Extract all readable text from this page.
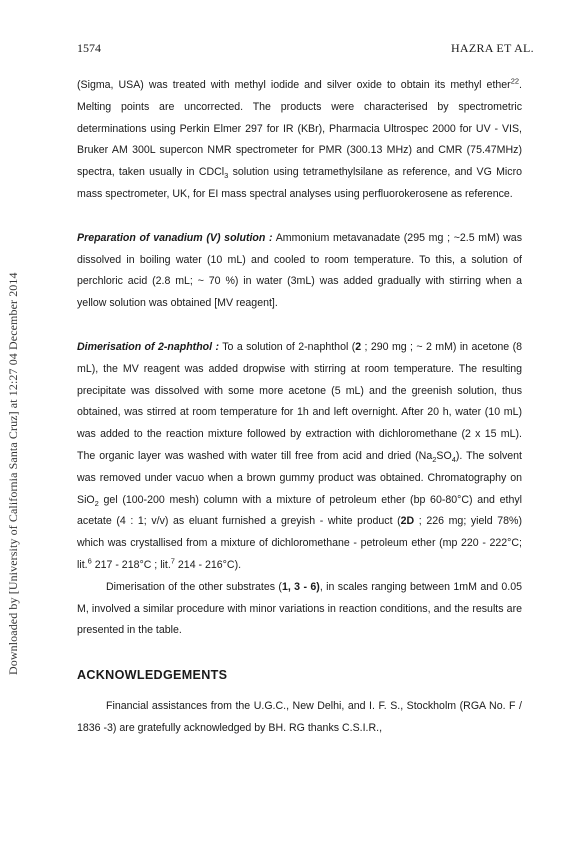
1574	HAZRA ET AL.
Downloaded by [University of California Santa Cruz] at 12:27 04 December 2014

(Sigma, USA) was treated with methyl iodide and silver oxide to obtain its methyl ether$^{22}$. Melting points are uncorrected. The products were characterised by spectrometric determinations using Perkin Elmer 297 for IR (KBr), Pharmacia Ultrospec 2000 for UV - VIS, Bruker AM 300L supercon NMR spectrometer for PMR (300.13 MHz) and CMR (75.47MHz) spectra, taken usually in CDCl$_3$ solution using tetramethylsilane as reference, and VG Micro mass spectrometer, UK, for EI mass spectral analyses using perfluorokerosene as reference.

Preparation of vanadium (V) solution : Ammonium metavanadate (295 mg ; ~2.5 mM) was dissolved in boiling water (10 mL) and cooled to room temperature. To this, a solution of perchloric acid (2.8 mL; ~ 70 %) in water (3mL) was added gradually with stirring when a yellow solution was obtained [MV reagent].

Dimerisation of 2-naphthol : To a solution of 2-naphthol (2 ; 290 mg ; ~ 2 mM) in acetone (8 mL), the MV reagent was added dropwise with stirring at room temperature. The resulting precipitate was dissolved with some more acetone (5 mL) and the greenish solution, thus obtained, was stirred at room temperature for 1h and left overnight. After 20 h, water (10 mL) was added to the reaction mixture followed by extraction with dichloromethane (2 x 15 mL). The organic layer was washed with water till free from acid and dried $(Na_2SO_4)$. The solvent was removed under vacuo when a brown gummy product was obtained. Chromatography on SiO$_2$ gel (100-200 mesh) column with a mixture of petroleum ether (bp 60-80°C) and ethyl acetate (4 : 1; v/v) as eluant furnished a greyish - white product (2D ; 226 mg; yield 78%) which was crystallised from a mixture of dichloromethane - petroleum ether (mp 220 - 222°C; lit.$^6$ 217 - 218°C ; lit.$^7$ 214 - 216°C).

Dimerisation of the other substrates (1, 3 - 6), in scales ranging between 1mM and 0.05 M, involved a similar procedure with minor variations in reaction conditions, and the results are presented in the table.

ACKNOWLEDGEMENTS

Financial assistances from the U.G.C., New Delhi, and I. F. S., Stockholm (RGA No. F / 1836 -3) are gratefully acknowledged by BH. RG thanks C.S.I.R.,
